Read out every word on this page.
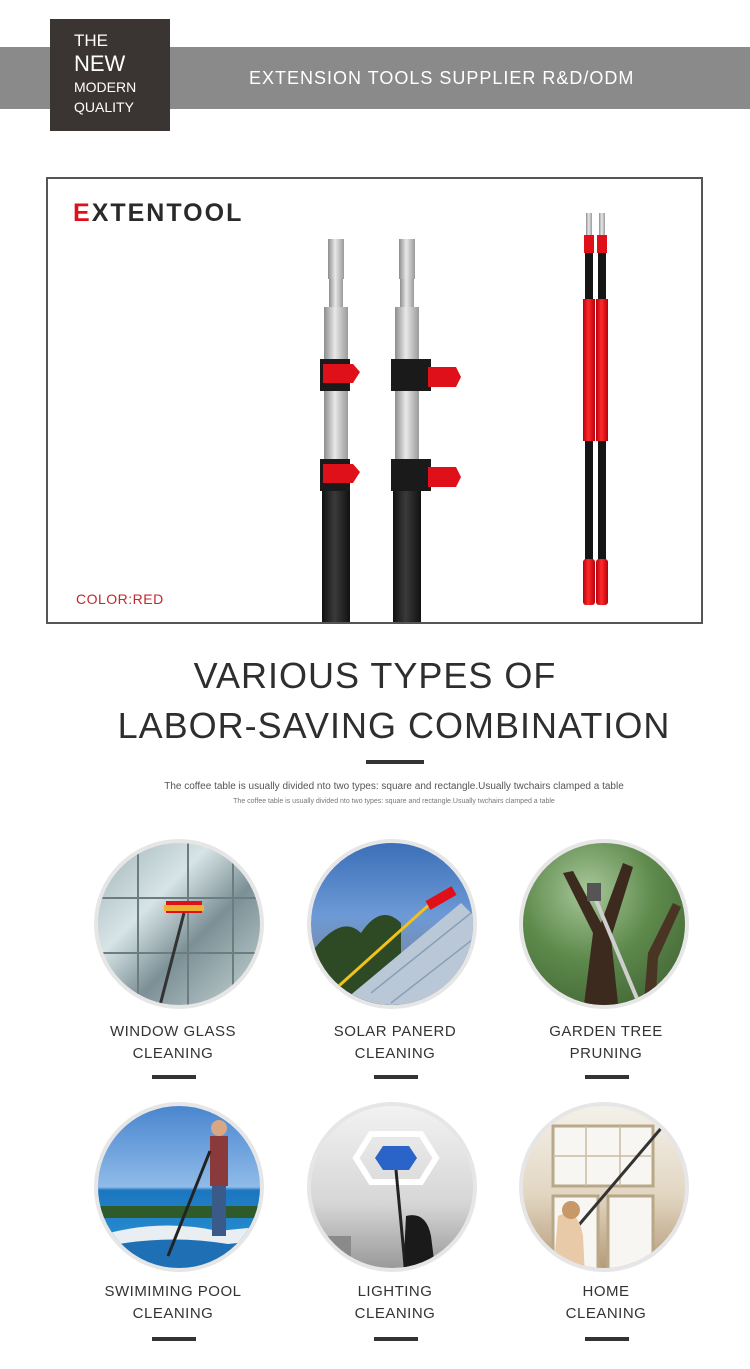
EXTENSION TOOLS SUPPLIER R&D/ODM
THE
NEW
MODERN
QUALITY
EXTENTOOL
COLOR:RED
VARIOUS TYPES OF
LABOR-SAVING COMBINATION
The coffee table is usually divided nto two types: square and rectangle.Usually twchairs clamped a table
The coffee table is usually divided nto two types: square and rectangle.Usually twchairs clamped a table
WINDOW GLASS
CLEANING
SOLAR PANERD
CLEANING
GARDEN TREE
PRUNING
SWIMIMING POOL
CLEANING
LIGHTING
CLEANING
HOME
CLEANING
